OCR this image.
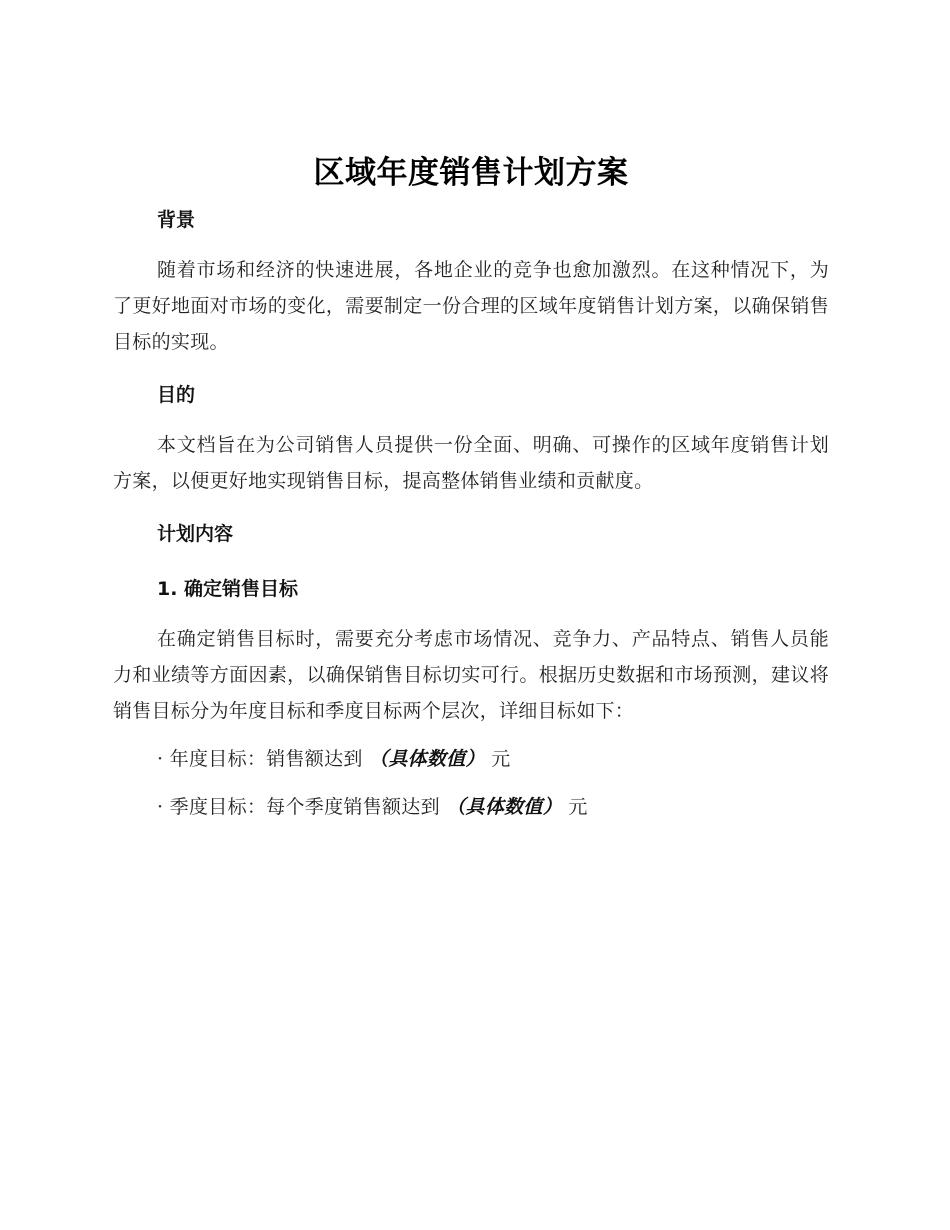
区域年度销售计划方案
背景

随着市场和经济的快速进展，各地企业的竞争也愈加激烈。在这种情况下，为了更好地面对市场的变化，需要制定一份合理的区域年度销售计划方案，以确保销售目标的实现。

目的

本文档旨在为公司销售人员提供一份全面、明确、可操作的区域年度销售计划方案，以便更好地实现销售目标，提高整体销售业绩和贡献度。

计划内容
1. 确定销售目标

在确定销售目标时，需要充分考虑市场情况、竞争力、产品特点、销售人员能力和业绩等方面因素，以确保销售目标切实可行。根据历史数据和市场预测，建议将销售目标分为年度目标和季度目标两个层次，详细目标如下：

· 年度目标：销售额达到 （具体数值） 元

· 季度目标：每个季度销售额达到 （具体数值） 元
